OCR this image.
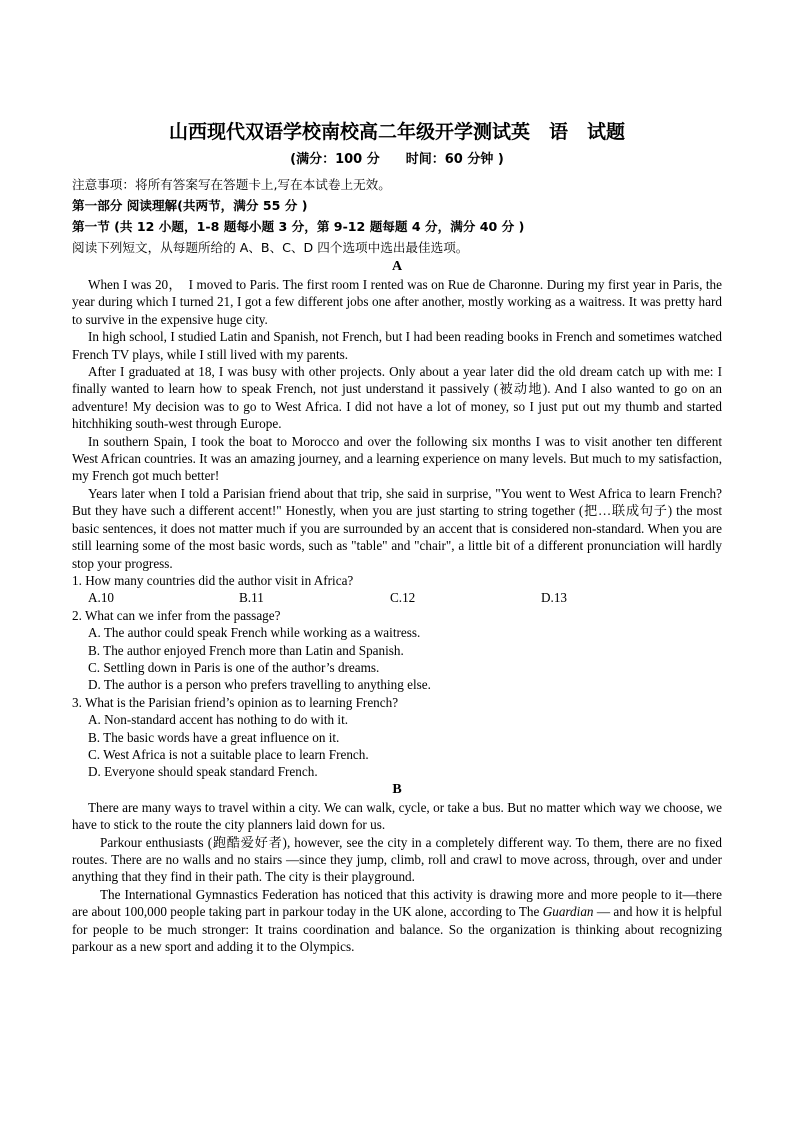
山西现代双语学校南校高二年级开学测试英　语　试题

(满分：100 分　　时间：60 分钟 )

注意事项：将所有答案写在答题卡上,写在本试卷上无效。

第一部分 阅读理解(共两节，满分 55 分 )

第一节 (共 12 小题，1-8 题每小题 3 分，第 9-12 题每题 4 分，满分 40 分 )

阅读下列短文，从每题所给的 A、B、C、D 四个选项中选出最佳选项。

A

When I was 20，　I moved to Paris. The first room I rented was on Rue de Charonne. During my first year in Paris, the year during which I turned 21, I got a few different jobs one after another, mostly working as a waitress. It was pretty hard to survive in the expensive huge city.

In high school, I studied Latin and Spanish, not French, but I had been reading books in French and sometimes watched French TV plays, while I still lived with my parents.

After I graduated at 18, I was busy with other projects. Only about a year later did the old dream catch up with me: I finally wanted to learn how to speak French, not just understand it passively (被动地). And I also wanted to go on an adventure! My decision was to go to West Africa. I did not have a lot of money, so I just put out my thumb and started hitchhiking south-west through Europe.

In southern Spain, I took the boat to Morocco and over the following six months I was to visit another ten different West African countries. It was an amazing journey, and a learning experience on many levels. But much to my satisfaction, my French got much better!

Years later when I told a Parisian friend about that trip, she said in surprise, "You went to West Africa to learn French? But they have such a different accent!" Honestly, when you are just starting to string together (把…联成句子) the most basic sentences, it does not matter much if you are surrounded by an accent that is considered non-standard. When you are still learning some of the most basic words, such as "table" and "chair", a little bit of a different pronunciation will hardly stop your progress.

1. How many countries did the author visit in Africa?

A.10	B.11	C.12	D.13

2. What can we infer from the passage?

A. The author could speak French while working as a waitress.

B. The author enjoyed French more than Latin and Spanish.

C. Settling down in Paris is one of the author’s dreams.

D. The author is a person who prefers travelling to anything else.

3. What is the Parisian friend’s opinion as to learning French?

A. Non-standard accent has nothing to do with it.

B. The basic words have a great influence on it.

C. West Africa is not a suitable place to learn French.

D. Everyone should speak standard French.

B

There are many ways to travel within a city. We can walk, cycle, or take a bus. But no matter which way we choose, we have to stick to the route the city planners laid down for us.

Parkour enthusiasts (跑酷爱好者), however, see the city in a completely different way. To them, there are no fixed routes. There are no walls and no stairs —since they jump, climb, roll and crawl to move across, through, over and under anything that they find in their path. The city is their playground.

The International Gymnastics Federation has noticed that this activity is drawing more and more people to it—there are about 100,000 people taking part in parkour today in the UK alone, according to The Guardian — and how it is helpful for people to be much stronger: It trains coordination and balance. So the organization is thinking about recognizing parkour as a new sport and adding it to the Olympics.
